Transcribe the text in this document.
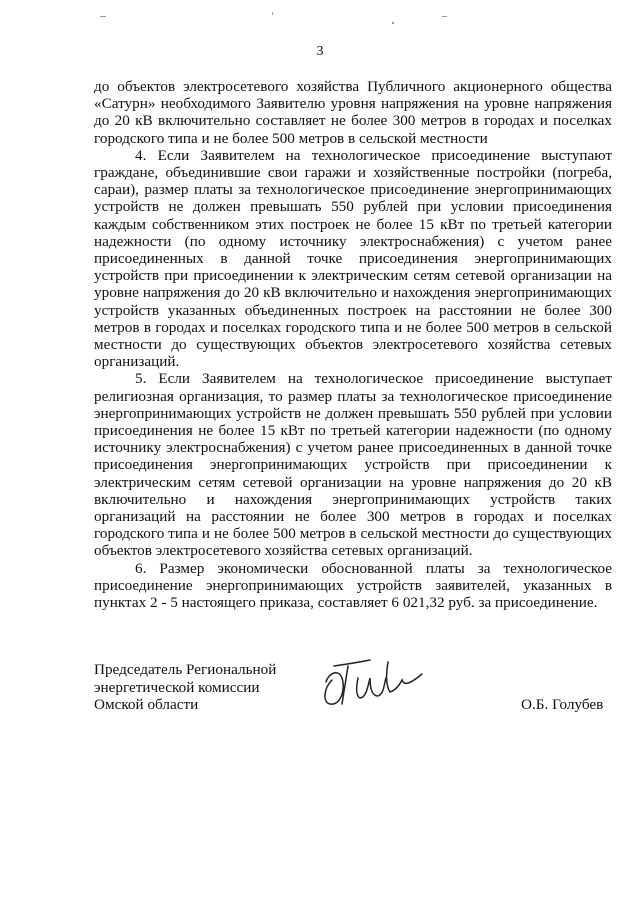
3

до объектов электросетевого хозяйства Публичного акционерного общества «Сатурн» необходимого Заявителю уровня напряжения на уровне напряжения до 20 кВ включительно составляет не более 300 метров в городах и поселках городского типа и не более 500 метров в сельской местности

4. Если Заявителем на технологическое присоединение выступают граждане, объединившие свои гаражи и хозяйственные постройки (погреба, сараи), размер платы за технологическое присоединение энергопринимающих устройств не должен превышать 550 рублей при условии присоединения каждым собственником этих построек не более 15 кВт по третьей категории надежности (по одному источнику электроснабжения) с учетом ранее присоединенных в данной точке присоединения энергопринимающих устройств при присоединении к электрическим сетям сетевой организации на уровне напряжения до 20 кВ включительно и нахождения энергопринимающих устройств указанных объединенных построек на расстоянии не более 300 метров в городах и поселках городского типа и не более 500 метров в сельской местности до существующих объектов электросетевого хозяйства сетевых организаций.

5. Если Заявителем на технологическое присоединение выступает религиозная организация, то размер платы за технологическое присоединение энергопринимающих устройств не должен превышать 550 рублей при условии присоединения не более 15 кВт по третьей категории надежности (по одному источнику электроснабжения) с учетом ранее присоединенных в данной точке присоединения энергопринимающих устройств при присоединении к электрическим сетям сетевой организации на уровне напряжения до 20 кВ включительно и нахождения энергопринимающих устройств таких организаций на расстоянии не более 300 метров в городах и поселках городского типа и не более 500 метров в сельской местности до существующих объектов электросетевого хозяйства сетевых организаций.

6. Размер экономически обоснованной платы за технологическое присоединение энергопринимающих устройств заявителей, указанных в пунктах 2 - 5 настоящего приказа, составляет 6 021,32 руб. за присоединение.

Председатель Региональной
энергетической комиссии
Омской области	О.Б. Голубев
